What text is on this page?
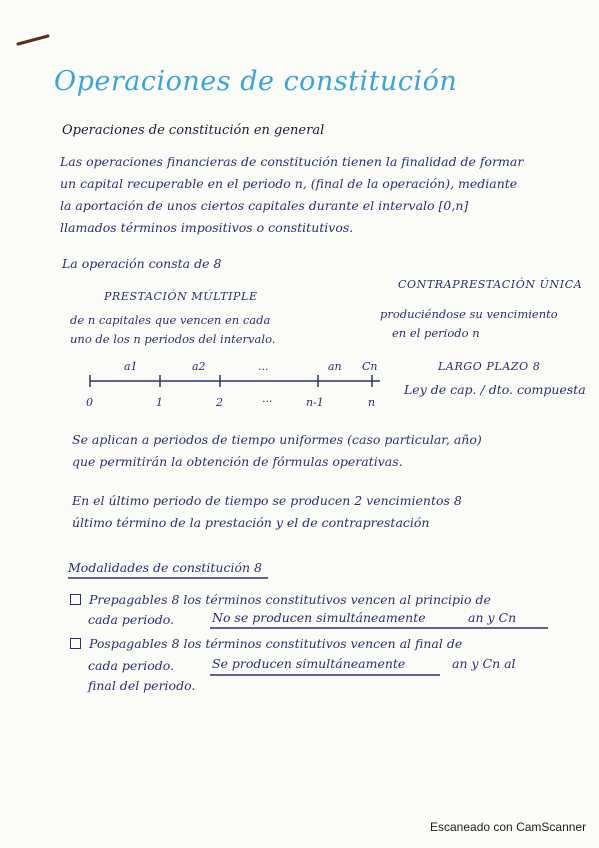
Operaciones de constitución
Operaciones de constitución en general
Las operaciones financieras de constitución tienen la finalidad de formar
un capital recuperable en el periodo n, (final de la operación), mediante
la aportación de unos ciertos capitales durante el intervalo [0,n]
llamados términos impositivos o constitutivos.
La operación consta de 8
PRESTACIÓN MÚLTIPLE
CONTRAPRESTACIÓN ÚNICA
de n capitales que vencen en cada
uno de los n periodos del intervalo.
produciéndose su vencimiento
en el periodo n
a1	a2	...	an Cn
0	1	2	...	n-1	n
LARGO PLAZO 8
Ley de cap. / dto. compuesta
Se aplican a periodos de tiempo uniformes (caso particular, año)
que permitirán la obtención de fórmulas operativas.
En el último periodo de tiempo se producen 2 vencimientos 8
último término de la prestación y el de contraprestación
Modalidades de constitución 8
Prepagables 8 los términos constitutivos vencen al principio de
cada periodo.	No se producen simultáneamente	an y Cn
Pospagables 8 los términos constitutivos vencen al final de
cada periodo.	Se producen simultáneamente	an y Cn al
final del periodo.
Escaneado con CamScanner
